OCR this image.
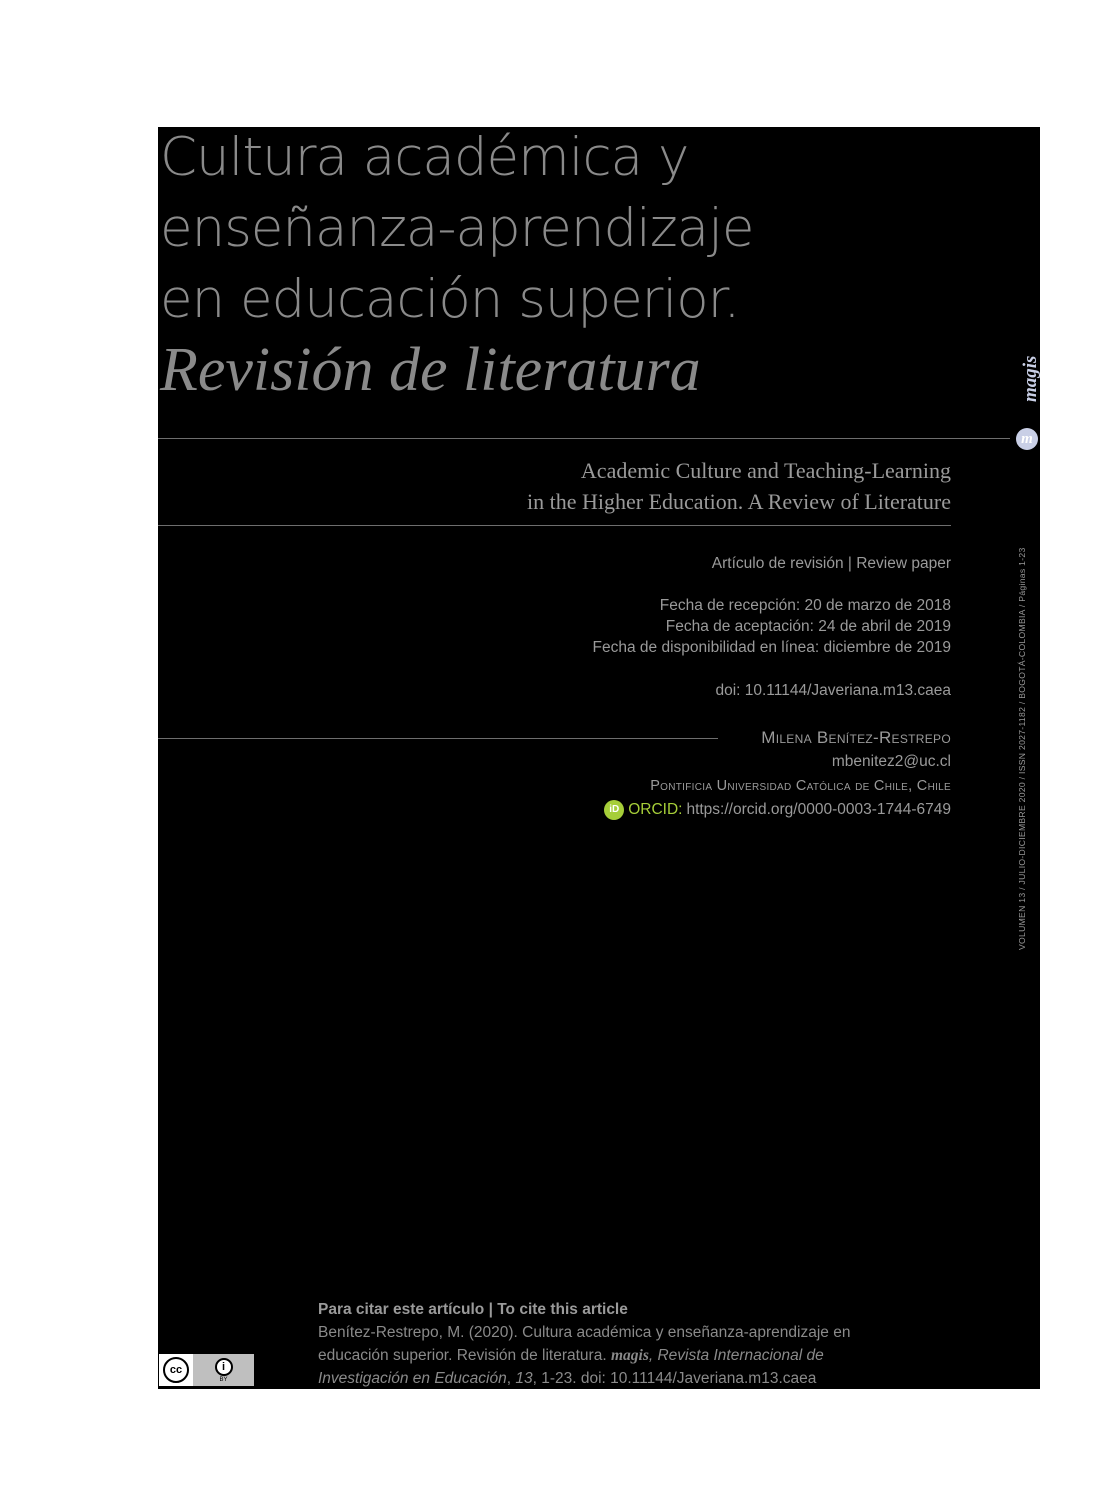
Cultura académica y
enseñanza-aprendizaje
en educación superior.
Revisión de literatura
Academic Culture and Teaching-Learning
in the Higher Education. A Review of Literature
Artículo de revisión | Review paper
Fecha de recepción: 20 de marzo de 2018
Fecha de aceptación: 24 de abril de 2019
Fecha de disponibilidad en línea: diciembre de 2019
doi: 10.11144/Javeriana.m13.caea
Milena Benítez-Restrepo
mbenitez2@uc.cl
Pontificia Universidad Católica de Chile, Chile
iD ORCID: https://orcid.org/0000-0003-1744-6749
magis
m
VOLUMEN 13 / JULIO-DICIEMBRE 2020 / ISSN 2027-1182 / BOGOTÁ-COLOMBIA / Páginas 1-23
Para citar este artículo | To cite this article
Benítez-Restrepo, M. (2020). Cultura académica y enseñanza-aprendizaje en educación superior. Revisión de literatura. magis, Revista Internacional de Investigación en Educación, 13, 1-23. doi: 10.11144/Javeriana.m13.caea
cc	i
BY
